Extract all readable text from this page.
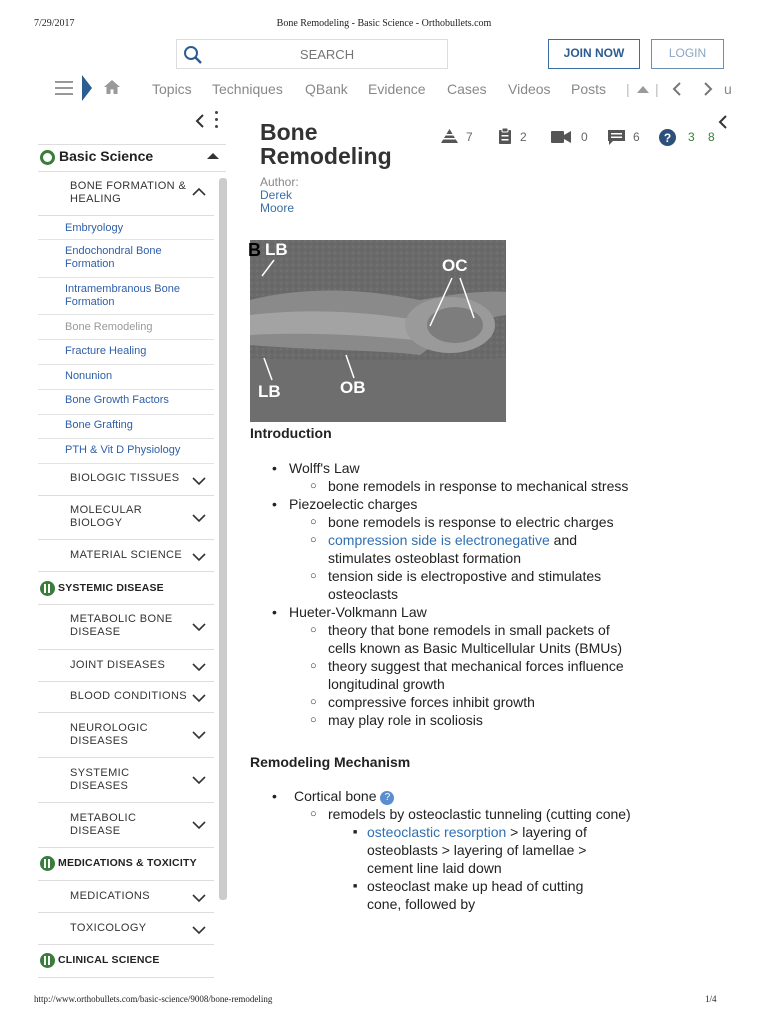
7/29/2017	Bone Remodeling - Basic Science - Orthobullets.com
http://www.orthobullets.com/basic-science/9008/bone-remodeling	1/4
SEARCH
JOIN NOW	LOGIN
Topics Techniques QBank Evidence Cases Videos Posts | |	u
Basic Science
BONE FORMATION & HEALING
Embryology
Endochondral Bone Formation
Intramembranous Bone Formation
Bone Remodeling
Fracture Healing
Nonunion
Bone Growth Factors
Bone Grafting
PTH & Vit D Physiology
BIOLOGIC TISSUES
MOLECULAR BIOLOGY
MATERIAL SCIENCE
SYSTEMIC DISEASE
METABOLIC BONE DISEASE
JOINT DISEASES
BLOOD CONDITIONS
NEUROLOGIC DISEASES
SYSTEMIC DISEASES
METABOLIC DISEASE
MEDICATIONS & TOXICITY
MEDICATIONS
TOXICOLOGY
CLINICAL SCIENCE
Bone Remodeling
Author:
Derek Moore
7	2	0	6 ? 3 8
B LB
OC
LB	OB
Introduction
• Wolff's Law
○ bone remodels in response to mechanical stress
• Piezoelectic charges
○ bone remodels is response to electric charges
○ compression side is electronegative and stimulates osteoblast formation
○ tension side is electropostive and stimulates osteoclasts
• Hueter-Volkmann Law
○ theory that bone remodels in small packets of cells known as Basic Multicellular Units (BMUs)
○ theory suggest that mechanical forces influence longitudinal growth
○ compressive forces inhibit growth
○ may play role in scoliosis
Remodeling Mechanism
• Cortical bone ?
○ remodels by osteoclastic tunneling (cutting cone)
■ osteoclastic resorption > layering of osteoblasts > layering of lamellae > cement line laid down
■ osteoclast make up head of cutting cone, followed by
